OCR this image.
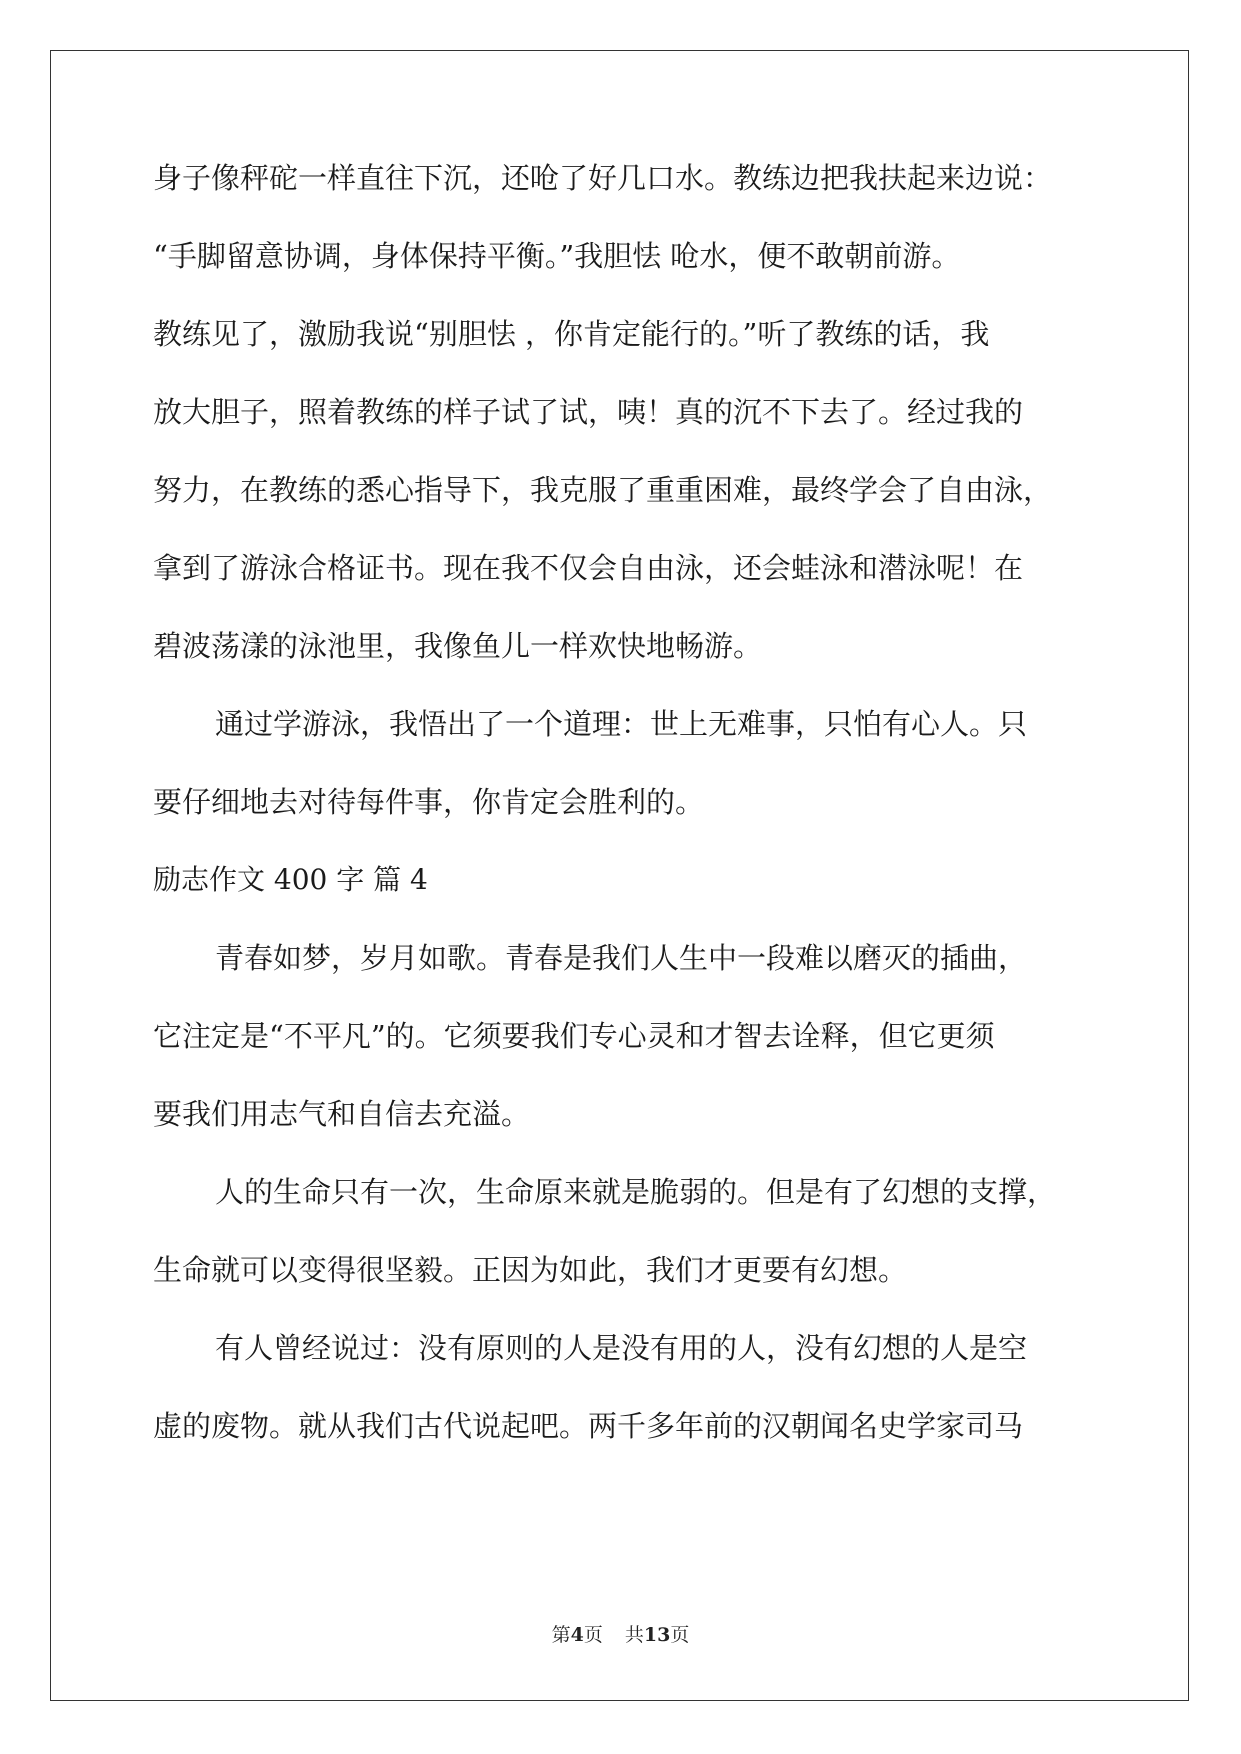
身子像秤砣一样直往下沉，还呛了好几口水。教练边把我扶起来边说：
“手脚留意协调，身体保持平衡。”我胆怯 呛水，便不敢朝前游。
教练见了，激励我说“别胆怯 ，你肯定能行的。”听了教练的话，我
放大胆子，照着教练的样子试了试，咦！真的沉不下去了。经过我的
努力，在教练的悉心指导下，我克服了重重困难，最终学会了自由泳，
拿到了游泳合格证书。现在我不仅会自由泳，还会蛙泳和潜泳呢！在
碧波荡漾的泳池里，我像鱼儿一样欢快地畅游。
通过学游泳，我悟出了一个道理：世上无难事，只怕有心人。只
要仔细地去对待每件事，你肯定会胜利的。
励志作文 400 字 篇 4
青春如梦，岁月如歌。青春是我们人生中一段难以磨灭的插曲，
它注定是“不平凡”的。它须要我们专心灵和才智去诠释，但它更须
要我们用志气和自信去充溢。
人的生命只有一次，生命原来就是脆弱的。但是有了幻想的支撑，
生命就可以变得很坚毅。正因为如此，我们才更要有幻想。
有人曾经说过：没有原则的人是没有用的人，没有幻想的人是空
虚的废物。就从我们古代说起吧。两千多年前的汉朝闻名史学家司马
第4页 共13页
